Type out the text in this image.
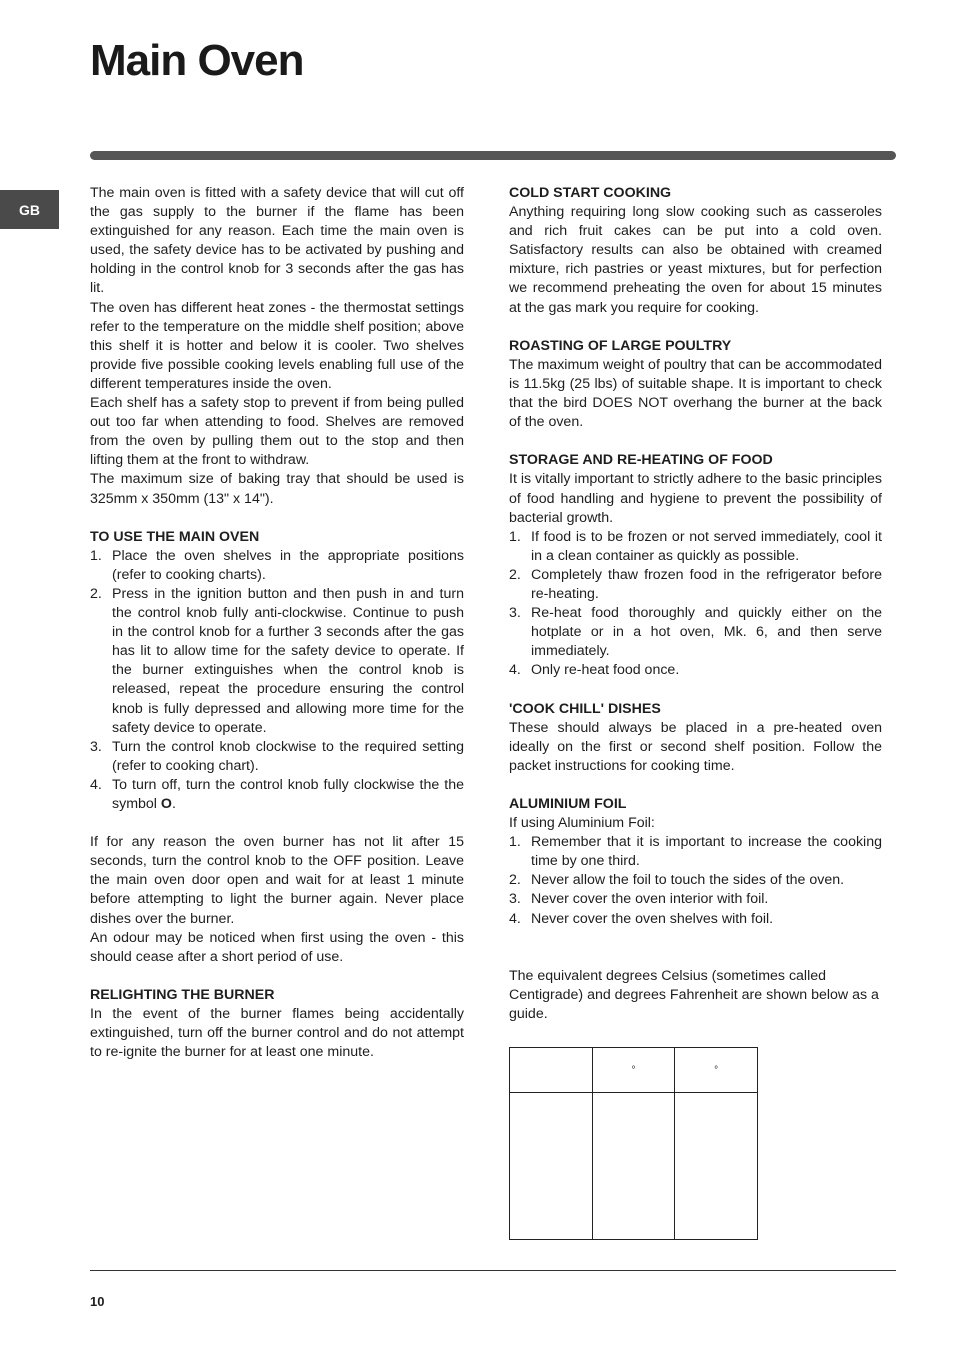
Main Oven
GB

The main oven is fitted with a safety device that will cut off the gas supply to the burner if the flame has been extinguished for any reason. Each time the main oven is used, the safety device has to be activated by pushing and holding in the control knob for 3 seconds after the gas has lit.

The oven has different heat zones - the thermostat settings refer to the temperature on the middle shelf position; above this shelf it is hotter and below it is cooler. Two shelves provide five possible cooking levels enabling full use of the different temperatures inside the oven.

Each shelf has a safety stop to prevent if from being pulled out too far when attending to food. Shelves are removed from the oven by pulling them out to the stop and then lifting them at the front to withdraw.

The maximum size of baking tray that should be used is 325mm x 350mm (13" x 14").

TO USE THE MAIN OVEN
1. Place the oven shelves in the appropriate positions (refer to cooking charts).
2. Press in the ignition button and then push in and turn the control knob fully anti-clockwise. Continue to push in the control knob for a further 3 seconds after the gas has lit to allow time for the safety device to operate. If the burner extinguishes when the control knob is released, repeat the procedure ensuring the control knob is fully depressed and allowing more time for the safety device to operate.
3. Turn the control knob clockwise to the required setting (refer to cooking chart).
4. To turn off, turn the control knob fully clockwise the the symbol O.

If for any reason the oven burner has not lit after 15 seconds, turn the control knob to the OFF position. Leave the main oven door open and wait for at least 1 minute before attempting to light the burner again. Never place dishes over the burner.

An odour may be noticed when first using the oven - this should cease after a short period of use.

RELIGHTING THE BURNER

In the event of the burner flames being accidentally extinguished, turn off the burner control and do not attempt to re-ignite the burner for at least one minute.

COLD START COOKING

Anything requiring long slow cooking such as casseroles and rich fruit cakes can be put into a cold oven. Satisfactory results can also be obtained with creamed mixture, rich pastries or yeast mixtures, but for perfection we recommend preheating the oven for about 15 minutes at the gas mark you require for cooking.

ROASTING OF LARGE POULTRY

The maximum weight of poultry that can be accommodated is 11.5kg (25 lbs) of suitable shape. It is important to check that the bird DOES NOT overhang the burner at the back of the oven.

STORAGE AND RE-HEATING OF FOOD

It is vitally important to strictly adhere to the basic principles of food handling and hygiene to prevent the possibility of bacterial growth.

1. If food is to be frozen or not served immediately, cool it in a clean container as quickly as possible.
2. Completely thaw frozen food in the refrigerator before re-heating.
3. Re-heat food thoroughly and quickly either on the hotplate or in a hot oven, Mk. 6, and then serve immediately.
4. Only re-heat food once.
'COOK CHILL' DISHES

These should always be placed in a pre-heated oven ideally on the first or second shelf position. Follow the packet instructions for cooking time.

ALUMINIUM FOIL

If using Aluminium Foil:

1. Remember that it is important to increase the cooking time by one third.
2. Never allow the foil to touch the sides of the oven.
3. Never cover the oven interior with foil.
4. Never cover the oven shelves with foil.

The equivalent degrees Celsius (sometimes called Centigrade) and degrees Fahrenheit are shown below as a guide.

	°	°

10
